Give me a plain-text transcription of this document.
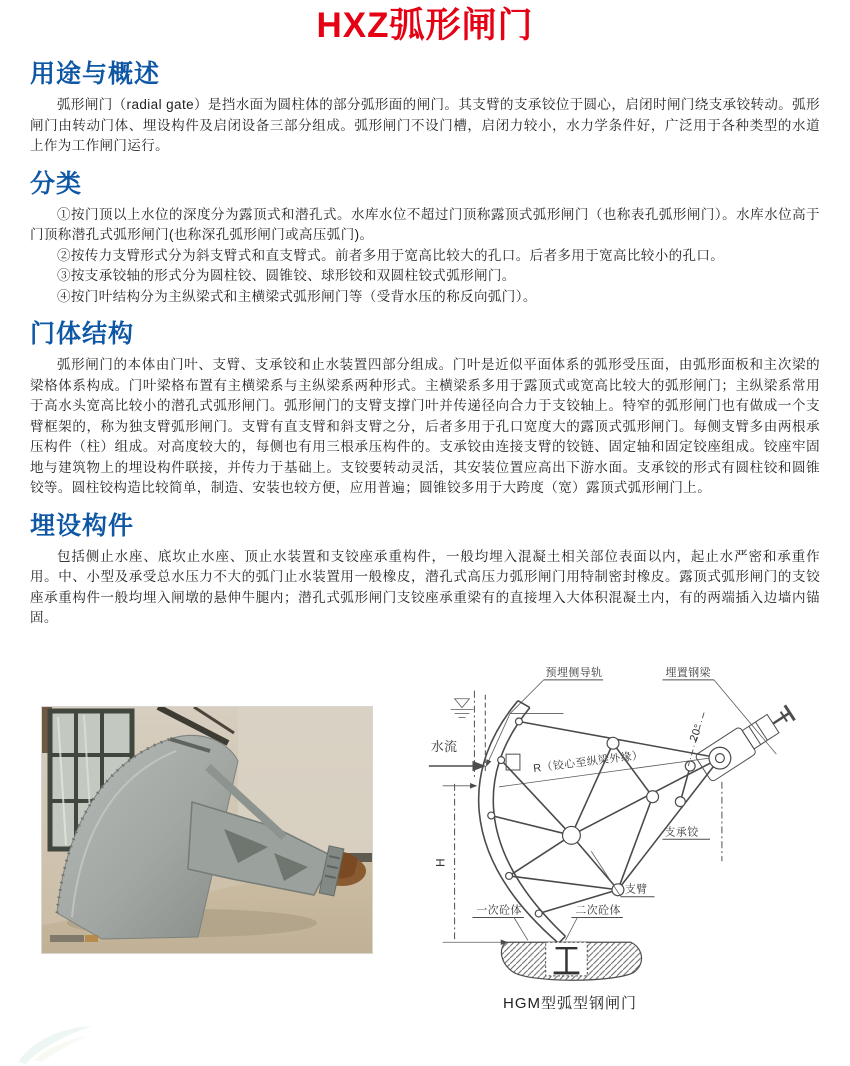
HXZ弧形闸门
用途与概述

弧形闸门（radial gate）是挡水面为圆柱体的部分弧形面的闸门。其支臂的支承铰位于圆心，启闭时闸门绕支承铰转动。弧形闸门由转动门体、埋设构件及启闭设备三部分组成。弧形闸门不设门槽，启闭力较小，水力学条件好，广泛用于各种类型的水道上作为工作闸门运行。

分类

①按门顶以上水位的深度分为露顶式和潜孔式。水库水位不超过门顶称露顶式弧形闸门（也称表孔弧形闸门）。水库水位高于门顶称潜孔式弧形闸门(也称深孔弧形闸门或高压弧门)。

②按传力支臂形式分为斜支臂式和直支臂式。前者多用于宽高比较大的孔口。后者多用于宽高比较小的孔口。

③按支承铰轴的形式分为圆柱铰、圆锥铰、球形铰和双圆柱铰式弧形闸门。

④按门叶结构分为主纵梁式和主横梁式弧形闸门等（受背水压的称反向弧门）。

门体结构

弧形闸门的本体由门叶、支臂、支承铰和止水装置四部分组成。门叶是近似平面体系的弧形受压面，由弧形面板和主次梁的梁格体系构成。门叶梁格布置有主横梁系与主纵梁系两种形式。主横梁系多用于露顶式或宽高比较大的弧形闸门；主纵梁系常用于高水头宽高比较小的潜孔式弧形闸门。弧形闸门的支臂支撑门叶并传递径向合力于支铰轴上。特窄的弧形闸门也有做成一个支臂框架的，称为独支臂弧形闸门。支臂有直支臂和斜支臂之分，后者多用于孔口宽度大的露顶式弧形闸门。每侧支臂多由两根承压构件（柱）组成。对高度较大的，每侧也有用三根承压构件的。支承铰由连接支臂的铰链、固定轴和固定铰座组成。铰座牢固地与建筑物上的埋设构件联接，并传力于基础上。支铰要转动灵活，其安装位置应高出下游水面。支承铰的形式有圆柱铰和圆锥铰等。圆柱铰构造比较简单，制造、安装也较方便，应用普遍；圆锥铰多用于大跨度（宽）露顶式弧形闸门上。

埋设构件

包括侧止水座、底坎止水座、顶止水装置和支铰座承重构件，一般均埋入混凝土相关部位表面以内，起止水严密和承重作用。中、小型及承受总水压力不大的弧门止水装置用一般橡皮，潜孔式高压力弧形闸门用特制密封橡皮。露顶式弧形闸门的支铰座承重构件一般均埋入闸墩的悬伸牛腿内；潜孔式弧形闸门支铰座承重梁有的直接埋入大体积混凝土内，有的两端插入边墙内锚固。

预埋侧导轨	埋置钢梁
水流
R（铰心至纵梁外缘）
20°
支承铰
支臂
H
一次砼体	二次砼体
HGM型弧型钢闸门
